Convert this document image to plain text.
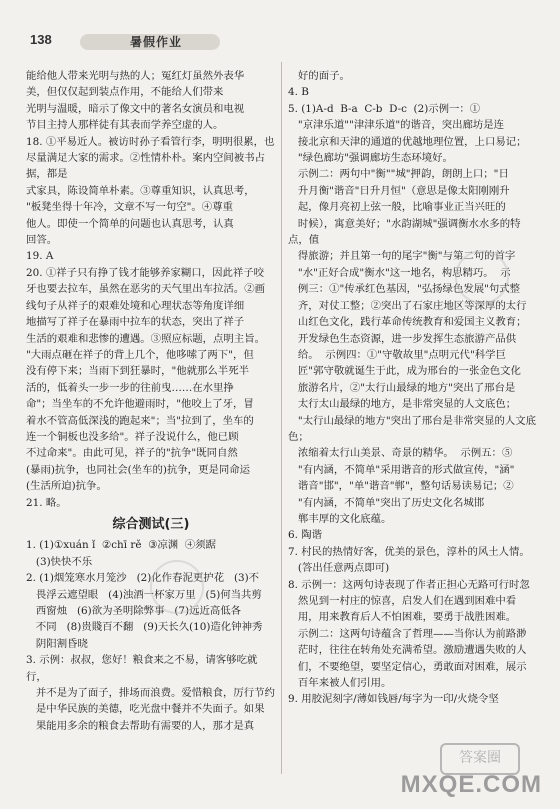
138	暑假作业

能给他人带来光明与热的人；冤红灯虽然外表华

美，但仅仅起到装点作用，不能给人们带来

光明与温暖，暗示了像文中的著名女演员和电视

节目主持人那样徒有其表而学养空虚的人。

18. ①平易近人。被访时孙子看管行李，明明很累，也

尽量满足大家的需求。②性情朴朴。案内空间被书占据，都是

式家具，陈设简单朴素。③尊重知识，认真思考，

"板凳坐得十年冷，文章不写一句空"。④尊重

他人。即使一个简单的问题也认真思考，认真

回答。

19. A

20. ①祥子只有挣了钱才能够养家糊口，因此祥子咬

牙也要去拉车，虽然在恶劣的天气里出车拉活。②画

线句子从祥子的艰难处境和心理状态等角度详细

地描写了祥子在暴雨中拉车的状态，突出了祥子

生活的艰难和悲惨的遭遇。③照应标题，点明主旨。

"大雨点砸在祥子的背上几个，他哆嗦了两下"，但

没有停下来；当雨下到狂暴时，"他就那么半死半

活的，低着头一步一步的往前曳……在水里挣

命"；当坐车的不允许他避雨时，"他咬上了牙，冒

着水不管高低深浅的跑起来"；当"拉到了，坐车的

连一个铜板也没多给"。祥子没说什么，他已顾

不过命来"。由此可见，祥子的"抗争"既同自然

(暴雨)抗争，也同社会(坐车的)抗争，更是同命运

(生活所迫)抗争。

21. 略。

综合测试(三)

1. (1)①xuán ǐ  ②chī rě  ③凉渊  ④须踞

(3)快快不乐

2. (1)烟笼寒水月笼沙   (2)化作春泥更护花   (3)不

畏浮云遮望眼   (4)浊酒一杯家万里   (5)何当共剪

西窗烛   (6)欲为圣明除弊事   (7)远近高低各

不同   (8)贵賤百不翻   (9)天长久(10)造化钟神秀

阴阳割昏晓

3. 示例：叔叔，您好！粮食来之不易，请客够吃就行，

并不是为了面子，排场而浪费。爱惜粮食，厉行节约

是中华民族的美德，吃光盘中餐并不失面子。如果

果能用多余的粮食去帮助有需要的人，那才是真

好的面子。

4. B

5. (1)A-d  B-a  C-b  D-c  (2)示例一：①

"京津乐道""津津乐道"的谐音，突出廊坊是连

接北京和天津的通道的优越地理位置，上口易记；

"绿色廊坊"强调廊坊生态环境好。

示例二：两句中"衡""城"押韵，朗朗上口；"日

升月衡"谐音"日升月恒"（意思是像太阳刚刚升

起，像月亮初上弦一般，比喻事业正当兴旺的

时候），寓意美好；"水韵湖城"强调衡水水多的特点，值

得旅游；并且第一句的尾字"衡"与第二句的首字

"水"正好合成"衡水"这一地名，构思精巧。  示

例三：①"传承红色基因，"弘扬绿色发展"句式整

齐，对仗工整；②突出了石家庄地区等深厚的太行

山红色文化，践行革命传统教育和爱国主义教育；

开发绿色生态资源，进一步发挥生态旅游产品供

给。  示例四：①"守敬故里"点明元代"科学巨

匠"郭守敬就诞生于此，成为邢台的一张金色文化

旅游名片，②"太行山最绿的地方"突出了邢台是

太行太山最绿的地方，是非常突显的人文底色；

"太行山最绿的地方"突出了邢台是非常突显的人文底色；

浓缩着太行山美景、奇景的精华。  示例五：⑤

"有内涵，不简单"采用谐音的形式做宣传，"涵"

谐音"邯"，"单"谐音"郸"，整句话易读易记；②

"有内涵，不简单"突出了历史文化名城邯

郸丰厚的文化底蕴。

6. 陶谐

7. 村民的热情好客，优美的景色，淳朴的风土人情。

(答出任意两点即可)

8. 示例一：这两句诗表现了作者正担心无路可行时忽

然见到一村庄的惊喜，启发人们在遇到困难中看

用，用来教育后人不怕困难，要勇于战胜困难。

示例二：这两句诗蕴含了哲理——当你认为前路渺

茫时，往往在转角处充满希望。激励遭遇失败的人

们，不要绝望，要坚定信心，勇敢面对困难，展示

百年来被人们引用。

9. 用胶泥刻字/薄如钱唇/每字为一印/火烧令坚

答案圈
MXQE.COM
